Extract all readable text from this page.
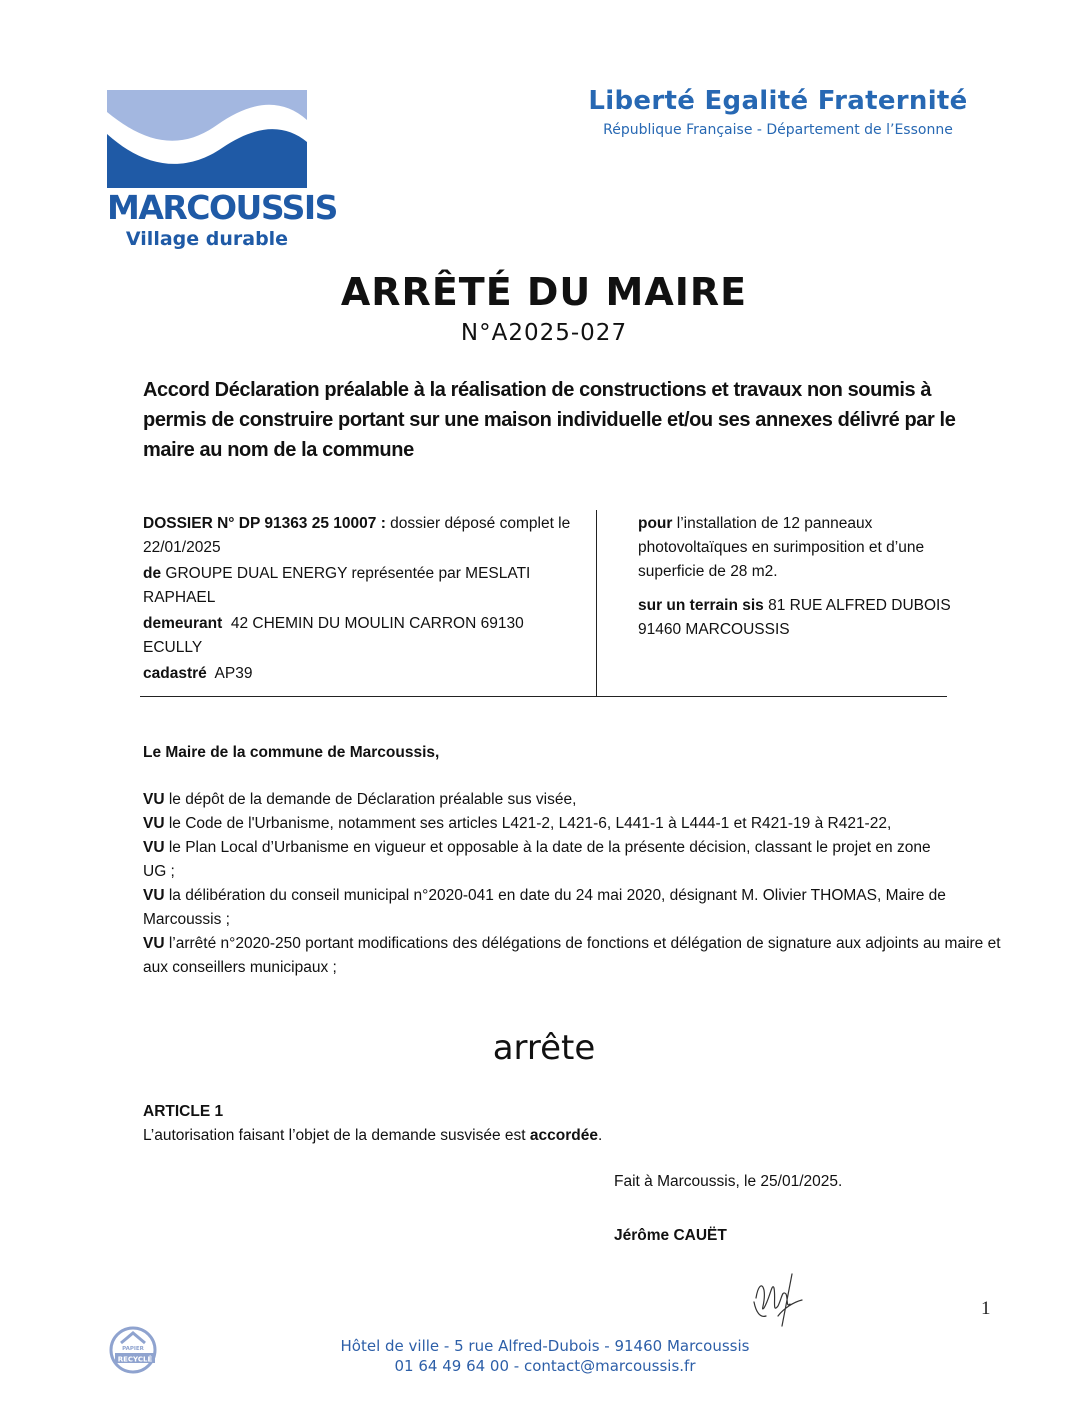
MARCOUSSIS
Village durable
Liberté Egalité Fraternité
République Française - Département de l’Essonne
ARRÊTÉ DU MAIRE
N°A2025-027
Accord Déclaration préalable à la réalisation de constructions et travaux non soumis à permis de construire portant sur une maison individuelle et/ou ses annexes délivré par le maire au nom de la commune
DOSSIER N° DP 91363 25 10007 : dossier déposé complet le 22/01/2025
de GROUPE DUAL ENERGY représentée par MESLATI RAPHAEL
demeurant  42 CHEMIN DU MOULIN CARRON 69130 ECULLY
cadastré  AP39
pour l’installation de 12 panneaux photovoltaïques en surimposition et d’une superficie de 28 m2.
sur un terrain sis 81 RUE ALFRED DUBOIS 91460 MARCOUSSIS
Le Maire de la commune de Marcoussis,

VU le dépôt de la demande de Déclaration préalable sus visée,

VU le Code de l'Urbanisme, notamment ses articles L421-2, L421-6, L441-1 à L444-1 et R421-19 à R421-22,

VU le Plan Local d’Urbanisme en vigueur et opposable à la date de la présente décision, classant le projet en zone UG ;

VU la délibération du conseil municipal n°2020-041 en date du 24 mai 2020, désignant M. Olivier THOMAS, Maire de Marcoussis ;

VU l’arrêté n°2020-250 portant modifications des délégations de fonctions et délégation de signature aux adjoints au maire et aux conseillers municipaux ;

arrête
ARTICLE 1
L’autorisation faisant l’objet de la demande susvisée est accordée.
Fait à Marcoussis, le 25/01/2025.
Jérôme CAUËT
1
RECYCLÉ
PAPIER	Hôtel de ville - 5 rue Alfred-Dubois - 91460 Marcoussis
01 64 49 64 00 - contact@marcoussis.fr
